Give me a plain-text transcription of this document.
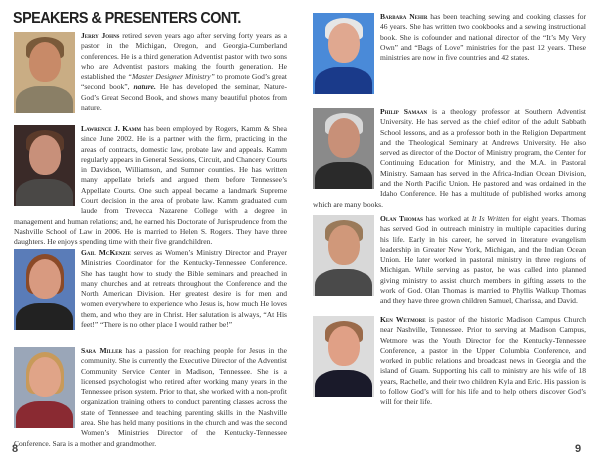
SPEAKERS & PRESENTERS CONT.
Jerry Johns retired seven years ago after serving forty years as a pastor in the Michigan, Oregon, and Georgia-Cumberland conferences. He is a third generation Adventist pastor with two sons who are Adventist pastors making the fourth generation. He established the “Master Designer Ministry” to promote God’s great “second book”, nature. He has developed the seminar, Nature-God’s Great Second Book, and shows many beautiful photos from nature.
Lawrence J. Kamm has been employed by Rogers, Kamm & Shea since June 2002. He is a partner with the firm, practicing in the areas of contracts, domestic law, probate law and appeals. Kamm regularly appears in General Sessions, Circuit, and Chancery Courts in Davidson, Williamson, and Sumner counties. He has written many appellate briefs and argued them before Tennessee’s Appellate Courts. One such appeal became a landmark Supreme Court decision in the area of probate law. Kamm graduated cum laude from Trevecca Nazarene College with a degree in management and human relations; and, he earned his Doctorate of Jurisprudence from the Nashville School of Law in 2006. He is married to Helen S. Rogers. They have three daughters. He enjoys spending time with their five grandchildren.
Gail McKenzie serves as Women’s Ministry Director and Prayer Ministries Coordinator for the Kentucky-Tennessee Conference. She has taught how to study the Bible seminars and preached in many churches and at retreats throughout the Conference and the North American Division. Her greatest desire is for men and women everywhere to experience who Jesus is, how much He loves them, and who they are in Christ. Her salutation is always, “At His feet!” “There is no other place I would rather be!”
Sara Miller has a passion for reaching people for Jesus in the community. She is currently the Executive Director of the Adventist Community Service Center in Madison, Tennessee. She is a licensed psychologist who retired after working many years in the Tennessee prison system. Prior to that, she worked with a non-profit organization training others to conduct parenting classes across the state of Tennessee and teaching parenting skills in the Nashville area. She has held many positions in the church and was the second Women’s Ministries Director of the Kentucky-Tennessee Conference. Sara is a mother and grandmother.
8
Barbara Nehir has been teaching sewing and cooking classes for 46 years. She has written two cookbooks and a sewing instructional book. She is cofounder and national director of the “It’s My Very Own” and “Bags of Love” ministries for the past 12 years. These ministries are now in five countries and 42 states.
Philip Samaan is a theology professor at Southern Adventist University. He has served as the chief editor of the adult Sabbath School lessons, and as a professor both in the Religion Department and the Theological Seminary at Andrews University. He also served as director of the Doctor of Ministry program, the Center for Continuing Education for Ministry, and the M.A. in Pastoral Ministry. Samaan has served in the Africa-Indian Ocean Division, and the North Pacific Union. He pastored and was ordained in the Idaho Conference. He has a multitude of published works among which are many books.
Olan Thomas has worked at It Is Written for eight years. Thomas has served God in outreach ministry in multiple capacities during his life. Early in his career, he served in literature evangelism leadership in Greater New York, Michigan, and the Indian Ocean Union. He later worked in pastoral ministry in three regions of Michigan. While serving as pastor, he was called into planned giving ministry to assist church members in gifting assets to the work of God. Olan Thomas is married to Phyllis Walkup Thomas and they have three grown children Samuel, Charissa, and David.
Ken Wetmore is pastor of the historic Madison Campus Church near Nashville, Tennessee. Prior to serving at Madison Campus, Wetmore was the Youth Director for the Kentucky-Tennessee Conference, a pastor in the Upper Columbia Conference, and worked in public relations and broadcast news in Georgia and the island of Guam. Supporting his call to ministry are his wife of 18 years, Rachelle, and their two children Kyla and Eric. His passion is to follow God’s will for his life and to help others discover God’s will for their life.
9
